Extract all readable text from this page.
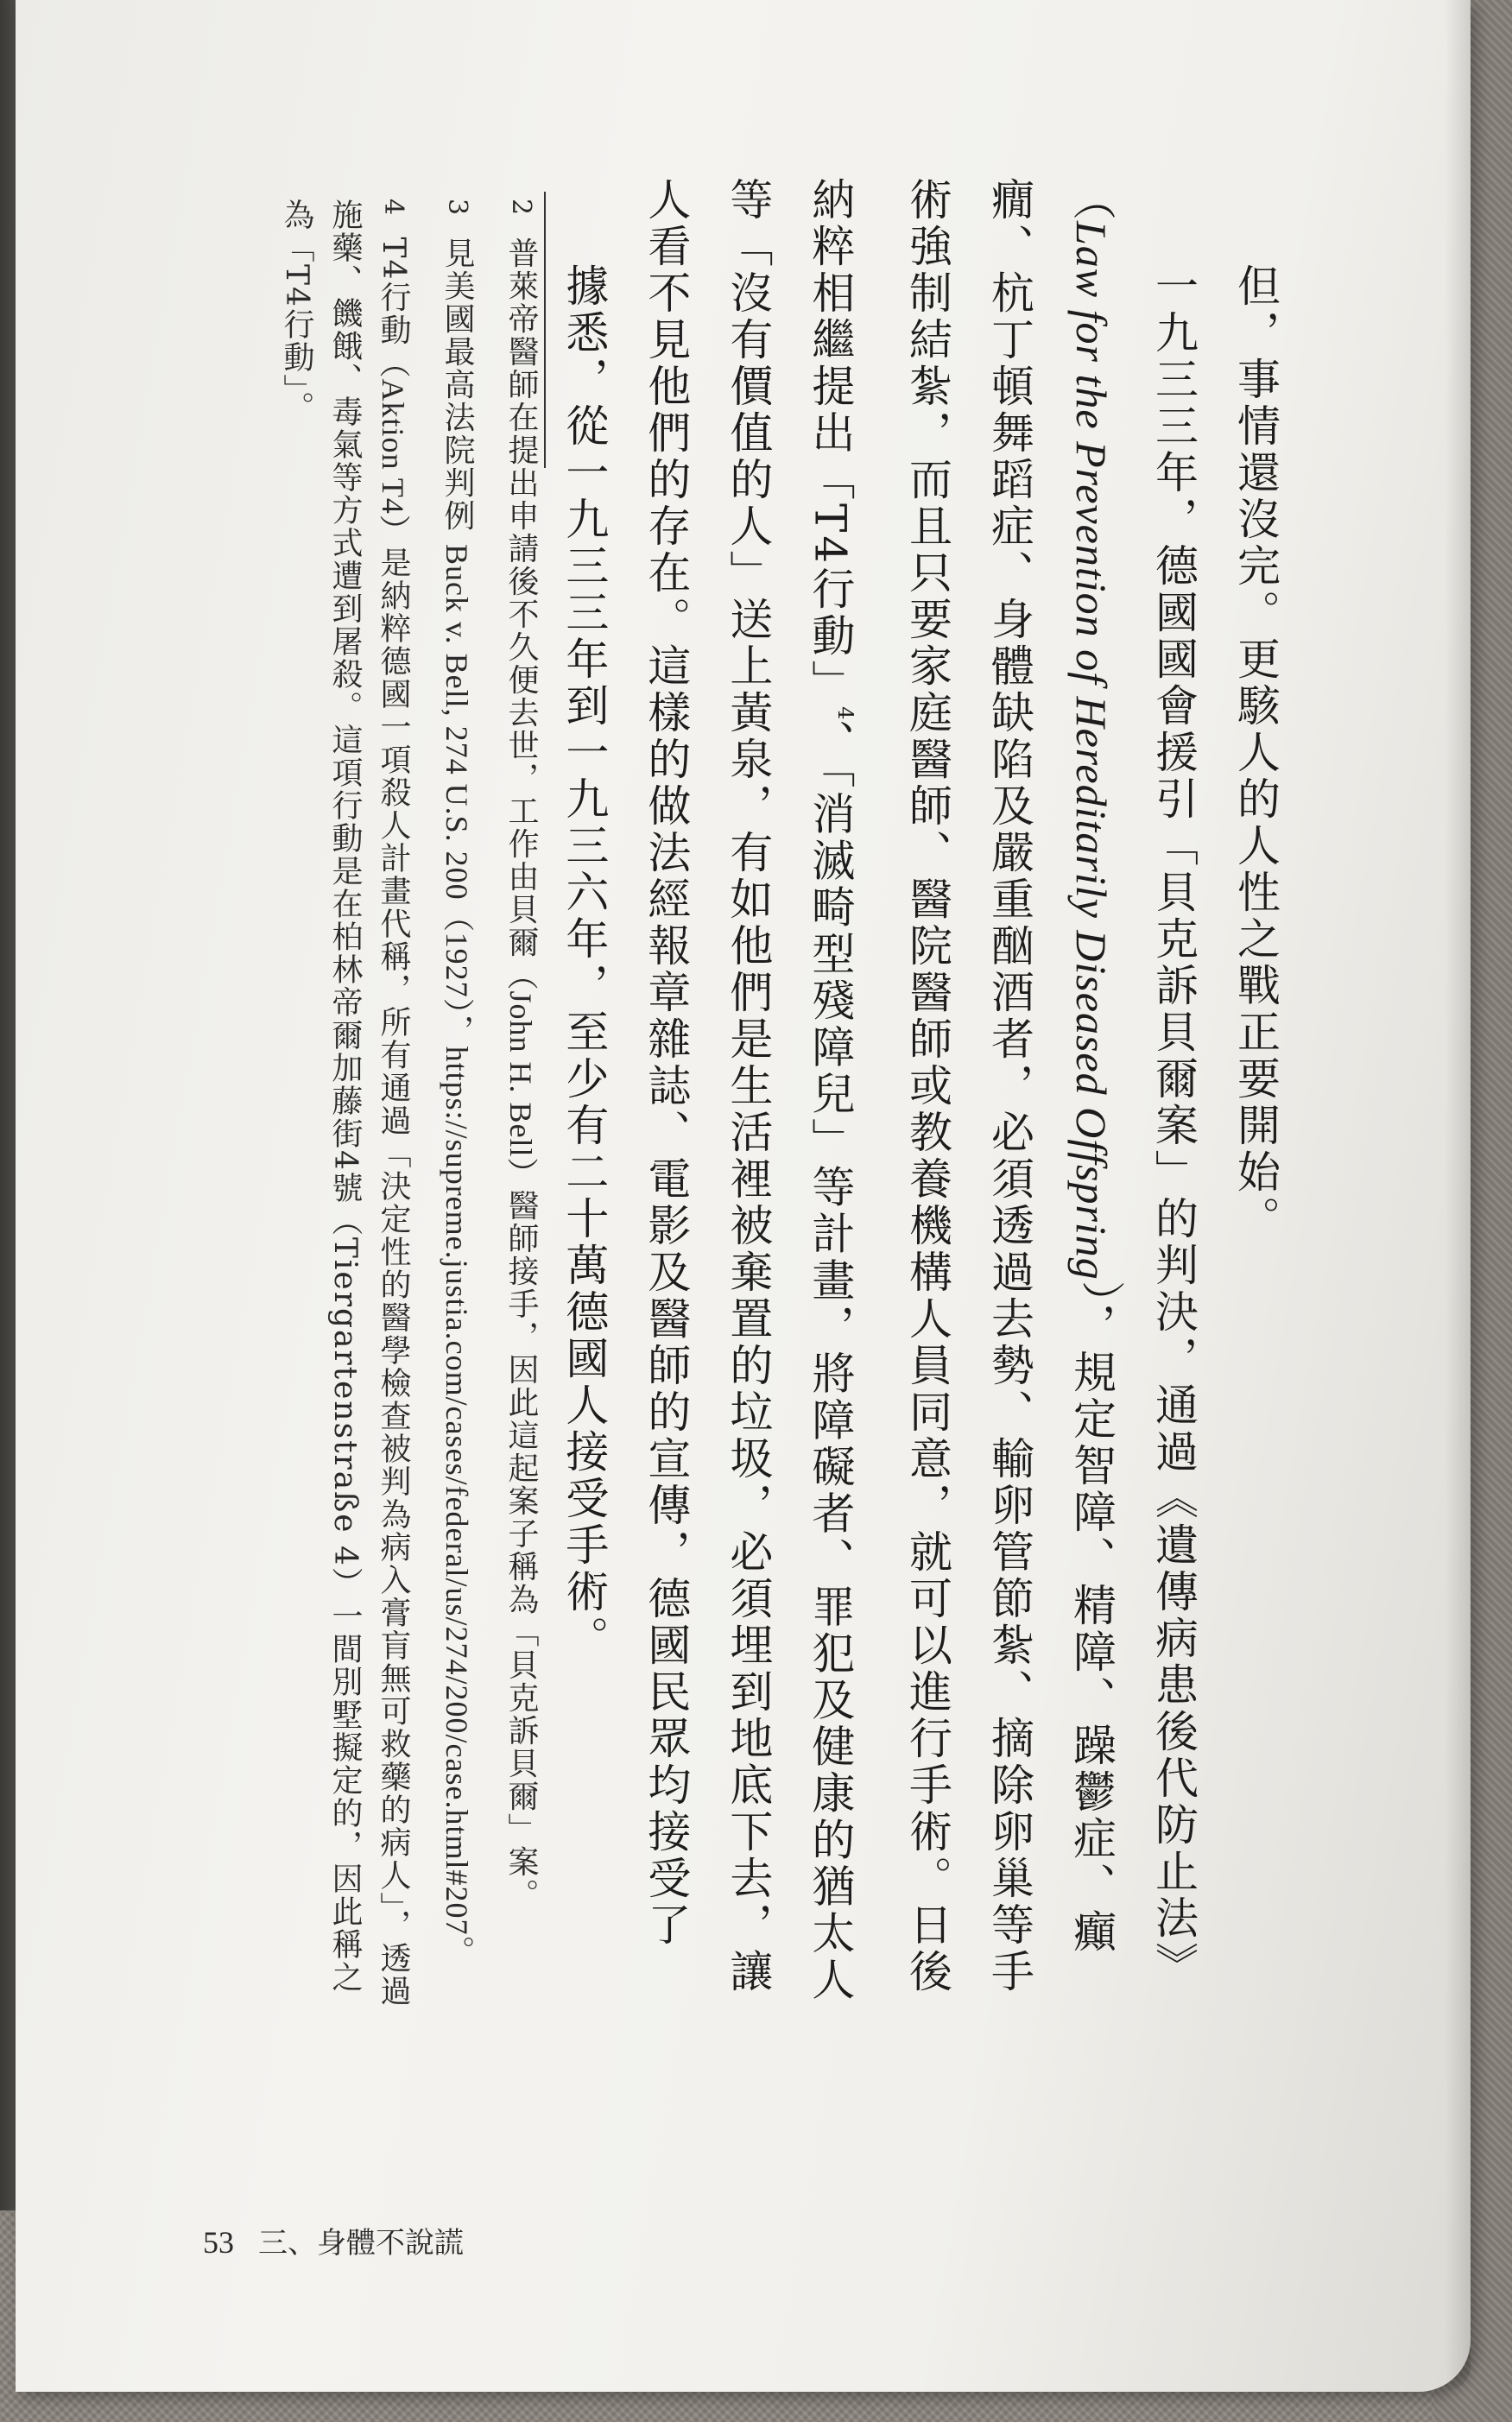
但，事情還沒完。更駭人的人性之戰正要開始。

一九三三年，德國國會援引「貝克訴貝爾案」的判決，通過《遺傳病患後代防止法》（Law for the Prevention of Hereditarily Diseased Offspring），規定智障、精障、躁鬱症、癲癇、杭丁頓舞蹈症、身體缺陷及嚴重酗酒者，必須透過去勢、輸卵管節紮、摘除卵巢等手術強制結紮，而且只要家庭醫師、醫院醫師或教養機構人員同意，就可以進行手術。日後納粹相繼提出「T4行動」$^4$、「消滅畸型殘障兒」等計畫，將障礙者、罪犯及健康的猶太人等「沒有價值的人」送上黃泉，有如他們是生活裡被棄置的垃圾，必須埋到地底下去，讓人看不見他們的存在。這樣的做法經報章雜誌、電影及醫師的宣傳，德國民眾均接受了

據悉，從一九三三年到一九三六年，至少有二十萬德國人接受手術。

2 普萊帝醫師在提出申請後不久便去世，工作由貝爾（John H. Bell）醫師接手，因此這起案子稱為「貝克訴貝爾」案。

3 見美國最高法院判例 Buck v. Bell, 274 U.S. 200（1927），https://supreme.justia.com/cases/federal/us/274/200/case.html#207。

4 T4行動（Aktion T4）是納粹德國一項殺人計畫代稱，所有通過「決定性的醫學檢查被判為病入膏肓無可救藥的病人」，透過施藥、饑餓、毒氣等方式遭到屠殺。這項行動是在柏林帝爾加藤街4號（Tiergartenstraße 4）一間別墅擬定的，因此稱之為「T4行動」。

53 三、身體不說謊
